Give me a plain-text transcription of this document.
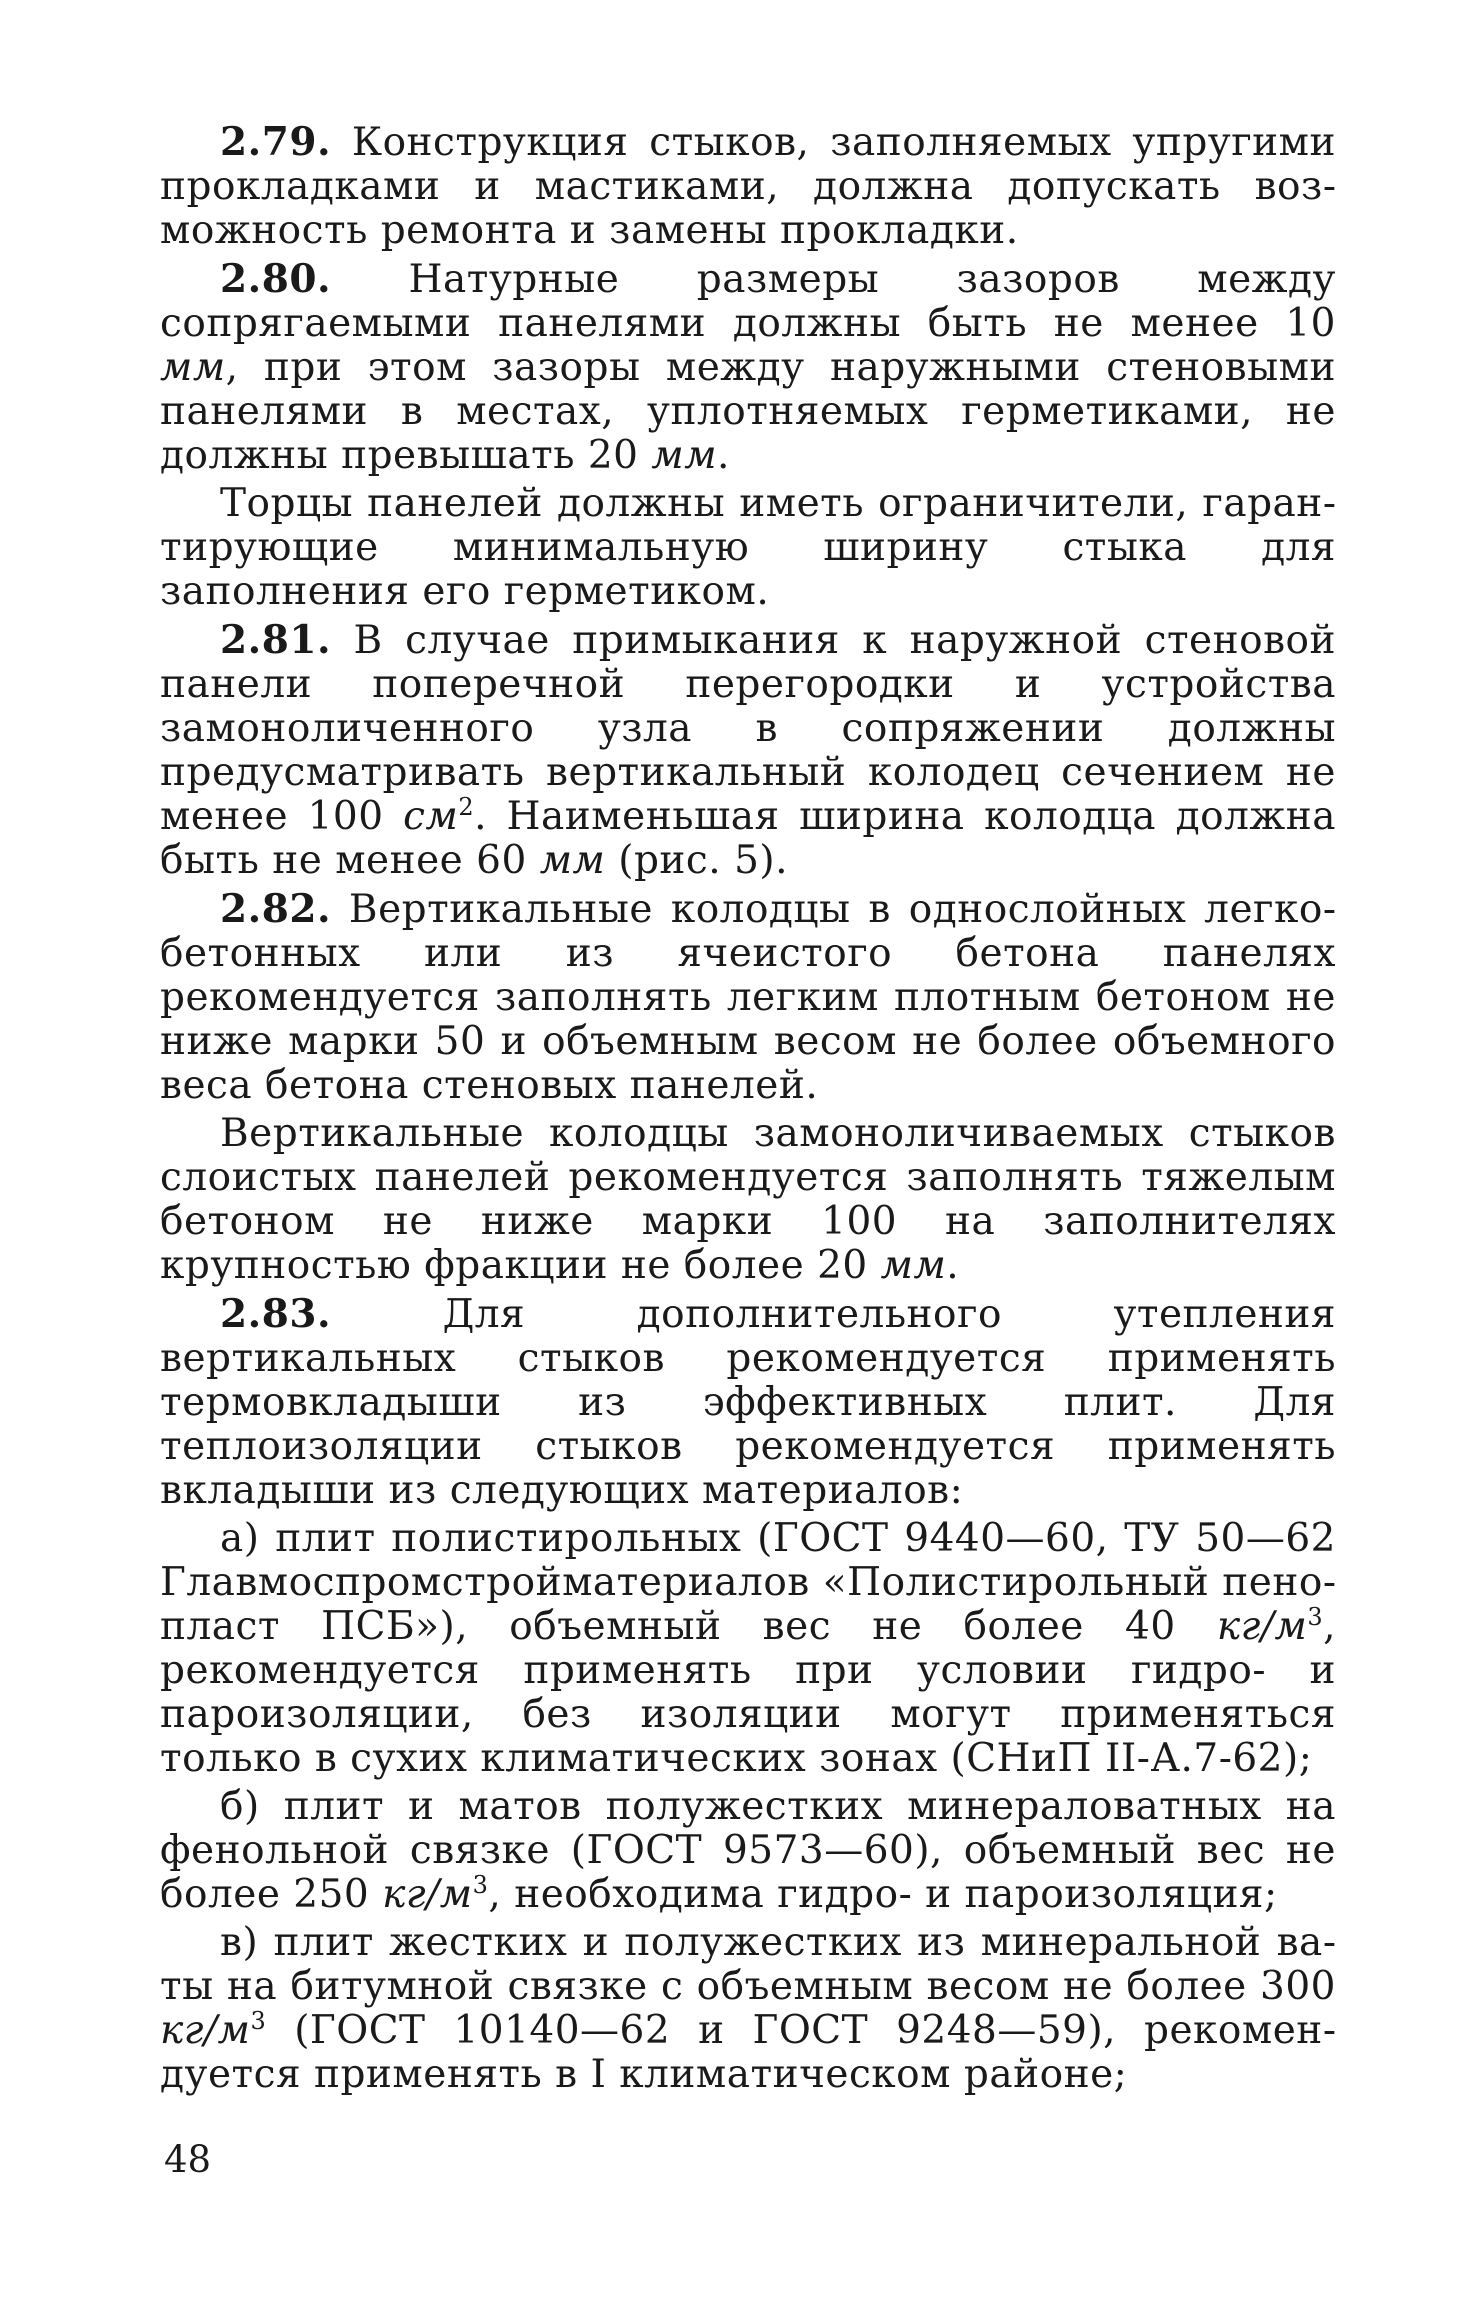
2.79. Конструкция стыков, заполняемых упругими прокладками и мастиками, должна допускать возможность ремонта и замены прокладки.

2.80. Натурные размеры зазоров между сопрягаемыми панелями должны быть не менее 10 мм, при этом зазоры между наружными стеновыми панелями в местах, уплотняемых герметиками, не должны превышать 20 мм.

Торцы панелей должны иметь ограничители, гарантирующие минимальную ширину стыка для заполнения его герметиком.

2.81. В случае примыкания к наружной стеновой панели поперечной перегородки и устройства замоноличенного узла в сопряжении должны предусматривать вертикальный колодец сечением не менее 100 $см^2$. Наименьшая ширина колодца должна быть не менее 60 мм (рис. 5).

2.82. Вертикальные колодцы в однослойных легкобетонных или из ячеистого бетона панелях рекомендуется заполнять легким плотным бетоном не ниже марки 50 и объемным весом не более объемного веса бетона стеновых панелей.

Вертикальные колодцы замоноличиваемых стыков слоистых панелей рекомендуется заполнять тяжелым бетоном не ниже марки 100 на заполнителях крупностью фракции не более 20 мм.

2.83. Для дополнительного утепления вертикальных стыков рекомендуется применять термовкладыши из эффективных плит. Для теплоизоляции стыков рекомендуется применять вкладыши из следующих материалов:

а) плит полистирольных (ГОСТ 9440—60, ТУ 50—62 Главмоспромстройматериалов «Полистирольный пенопласт ПСБ»), объемный вес не более 40 $кг/м^3$, рекомендуется применять при условии гидро- и пароизоляции, без изоляции могут применяться только в сухих климатических зонах (СНиП II-А.7-62);

б) плит и матов полужестких минераловатных на фенольной связке (ГОСТ 9573—60), объемный вес не более 250 $кг/м^3$, необходима гидро- и пароизоляция;

в) плит жестких и полужестких из минеральной ваты на битумной связке с объемным весом не более 300 $кг/м^3$ (ГОСТ 10140—62 и ГОСТ 9248—59), рекомендуется применять в I климатическом районе;

48
